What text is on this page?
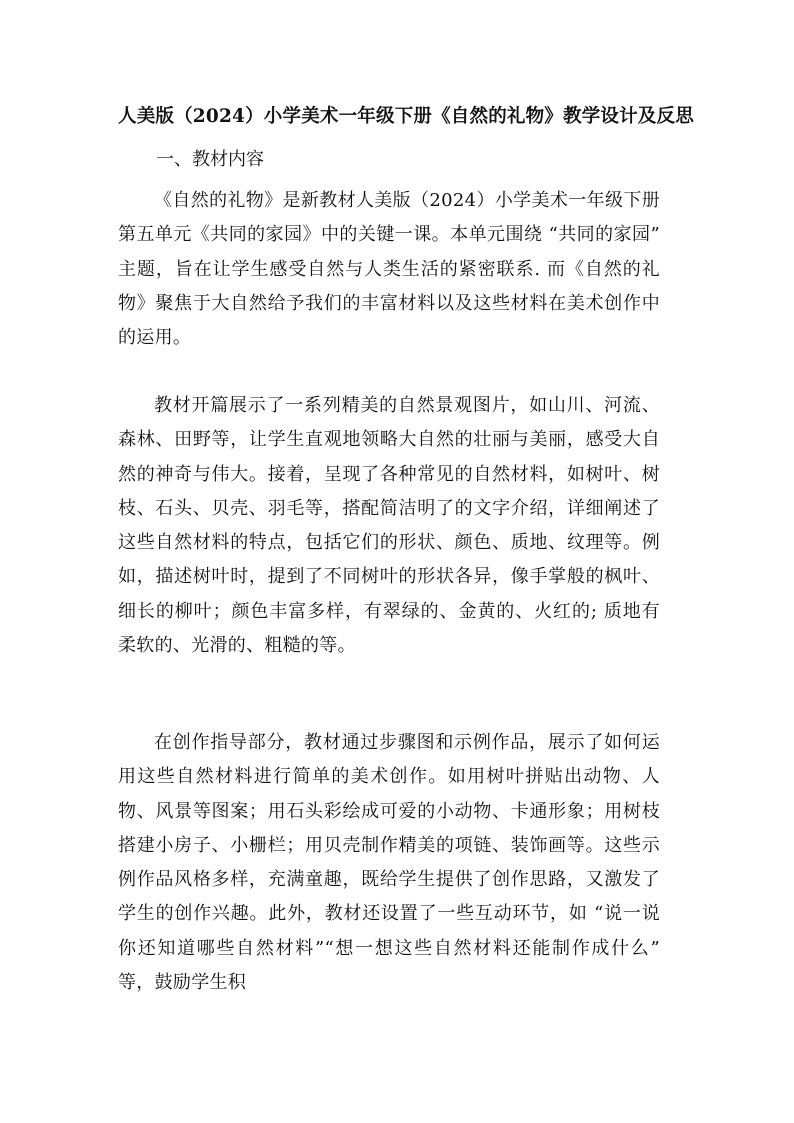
人美版（2024）小学美术一年级下册《自然的礼物》教学设计及反思
一、教材内容

《自然的礼物》是新教材人美版（2024）小学美术一年级下册第五单元《共同的家园》中的关键一课。本单元围绕 “共同的家园” 主题，旨在让学生感受自然与人类生活的紧密联系. 而《自然的礼物》聚焦于大自然给予我们的丰富材料以及这些材料在美术创作中的运用。

教材开篇展示了一系列精美的自然景观图片，如山川、河流、森林、田野等，让学生直观地领略大自然的壮丽与美丽，感受大自然的神奇与伟大。接着，呈现了各种常见的自然材料，如树叶、树枝、石头、贝壳、羽毛等，搭配简洁明了的文字介绍，详细阐述了这些自然材料的特点，包括它们的形状、颜色、质地、纹理等。例如，描述树叶时，提到了不同树叶的形状各异，像手掌般的枫叶、细长的柳叶；颜色丰富多样，有翠绿的、金黄的、火红的; 质地有柔软的、光滑的、粗糙的等。

在创作指导部分，教材通过步骤图和示例作品，展示了如何运用这些自然材料进行简单的美术创作。如用树叶拼贴出动物、人物、风景等图案；用石头彩绘成可爱的小动物、卡通形象；用树枝搭建小房子、小栅栏；用贝壳制作精美的项链、装饰画等。这些示例作品风格多样，充满童趣，既给学生提供了创作思路，又激发了学生的创作兴趣。此外，教材还设置了一些互动环节，如 “说一说你还知道哪些自然材料”“想一想这些自然材料还能制作成什么” 等，鼓励学生积
